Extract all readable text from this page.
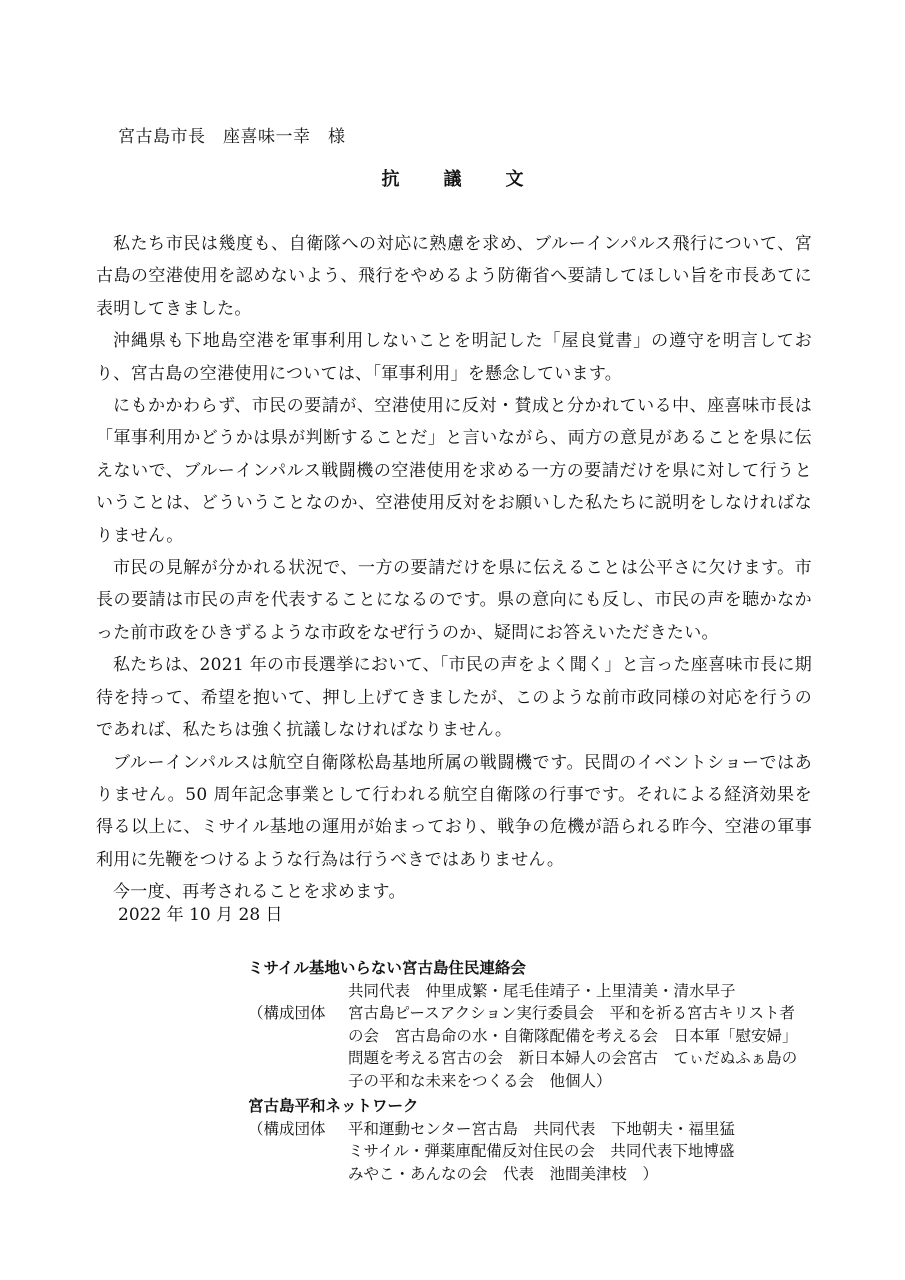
宮古島市長　座喜味一幸　様
抗 議 文

私たち市民は幾度も、自衛隊への対応に熟慮を求め、ブルーインパルス飛行について、宮古島の空港使用を認めないよう、飛行をやめるよう防衛省へ要請してほしい旨を市長あてに表明してきました。

沖縄県も下地島空港を軍事利用しないことを明記した「屋良覚書」の遵守を明言しており、宮古島の空港使用については、「軍事利用」を懸念しています。

にもかかわらず、市民の要請が、空港使用に反対・賛成と分かれている中、座喜味市長は「軍事利用かどうかは県が判断することだ」と言いながら、両方の意見があることを県に伝えないで、ブルーインパルス戦闘機の空港使用を求める一方の要請だけを県に対して行うということは、どういうことなのか、空港使用反対をお願いした私たちに説明をしなければなりません。

市民の見解が分かれる状況で、一方の要請だけを県に伝えることは公平さに欠けます。市長の要請は市民の声を代表することになるのです。県の意向にも反し、市民の声を聴かなかった前市政をひきずるような市政をなぜ行うのか、疑問にお答えいただきたい。

私たちは、2021 年の市長選挙において、「市民の声をよく聞く」と言った座喜味市長に期待を持って、希望を抱いて、押し上げてきましたが、このような前市政同様の対応を行うのであれば、私たちは強く抗議しなければなりません。

ブルーインパルスは航空自衛隊松島基地所属の戦闘機です。民間のイベントショーではありません。50 周年記念事業として行われる航空自衛隊の行事です。それによる経済効果を得る以上に、ミサイル基地の運用が始まっており、戦争の危機が語られる昨今、空港の軍事利用に先鞭をつけるような行為は行うべきではありません。

今一度、再考されることを求めます。

2022 年 10 月 28 日
ミサイル基地いらない宮古島住民連絡会
共同代表　仲里成繁・尾毛佳靖子・上里清美・清水早子
（構成団体	宮古島ピースアクション実行委員会　平和を祈る宮古キリスト者の会　宮古島命の水・自衛隊配備を考える会　日本軍「慰安婦」問題を考える宮古の会　新日本婦人の会宮古　てぃだぬふぁ島の子の平和な未来をつくる会　他個人）
宮古島平和ネットワーク
（構成団体	平和運動センター宮古島　共同代表　下地朝夫・福里猛
ミサイル・弾薬庫配備反対住民の会　共同代表下地博盛
みやこ・あんなの会　代表　池間美津枝　）
